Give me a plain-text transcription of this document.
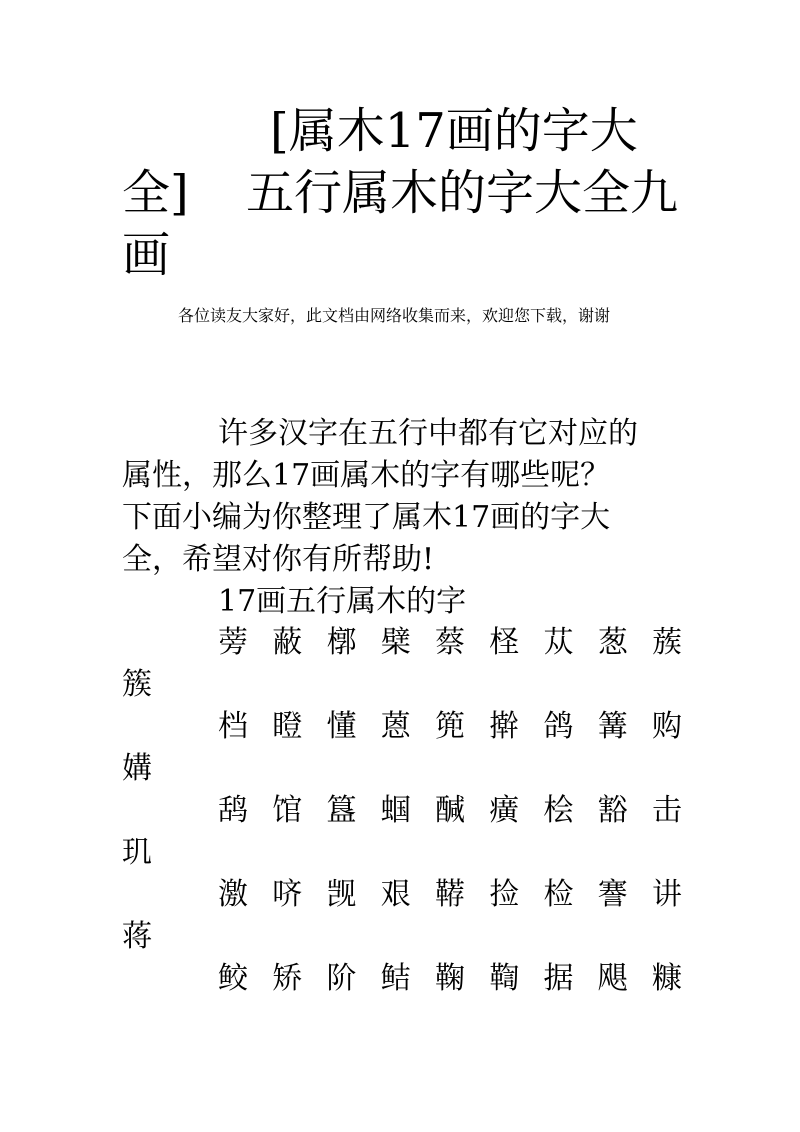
[属木17画的字大
全] 五行属木的字大全九
画

各位读友大家好，此文档由网络收集而来，欢迎您下载，谢谢

许多汉字在五行中都有它对应的
属性，那么17画属木的字有哪些呢？
下面小编为你整理了属木17画的字大
全，希望对你有所帮助!
17画五行属木的字
蒡 蔽 槨 檗 蔡 柽 苁 葱 蔟
簇
档 瞪 懂 蒽 篼 擀 鸽 篝 购
媾
鸹 馆 簋 蝈 醎 癀 桧 豁 击
玑
激 哜 觊 艰 鞯 捡 检 謇 讲
蒋
鲛 矫 阶 鲒 鞠 鞫 据 飓 糠
